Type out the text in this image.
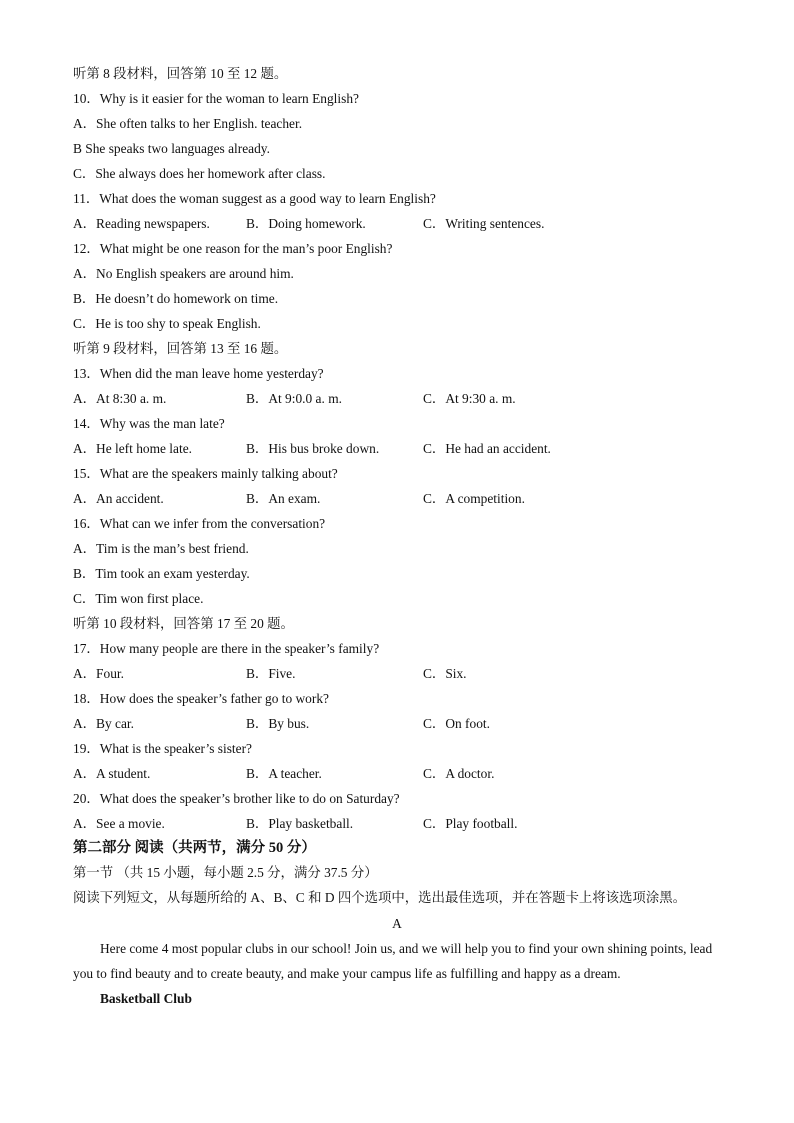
听第 8 段材料，回答第 10 至 12 题。
10．Why is it easier for the woman to learn English?
A．She often talks to her English. teacher.
B She speaks two languages already.
C．She always does her homework after class.
11．What does the woman suggest as a good way to learn English?
A．Reading newspapers.	B．Doing homework.	C．Writing sentences.
12．What might be one reason for the man’s poor English?
A．No English speakers are around him.
B．He doesn’t do homework on time.
C．He is too shy to speak English.
听第 9 段材料，回答第 13 至 16 题。
13．When did the man leave home yesterday?
A．At 8:30 a. m.	B．At 9:0.0 a. m.	C．At 9:30 a. m.
14．Why was the man late?
A．He left home late.	B．His bus broke down.	C．He had an accident.
15．What are the speakers mainly talking about?
A．An accident.	B．An exam.	C．A competition.
16．What can we infer from the conversation?
A．Tim is the man’s best friend.
B．Tim took an exam yesterday.
C．Tim won first place.
听第 10 段材料，回答第 17 至 20 题。
17．How many people are there in the speaker’s family?
A．Four.	B．Five.	C．Six.
18．How does the speaker’s father go to work?
A．By car.	B．By bus.	C．On foot.
19．What is the speaker’s sister?
A．A student.	B．A teacher.	C．A doctor.
20．What does the speaker’s brother like to do on Saturday?
A．See a movie.	B．Play basketball.	C．Play football.
第二部分 阅读（共两节，满分 50 分）
第一节 （共 15 小题，每小题 2.5 分，满分 37.5 分）
阅读下列短文，从每题所给的 A、B、C 和 D 四个选项中，选出最佳选项，并在答题卡上将该选项涂黑。
A
Here come 4 most popular clubs in our school! Join us, and we will help you to find your own shining points, lead you to find beauty and to create beauty, and make your campus life as fulfilling and happy as a dream.
Basketball Club
